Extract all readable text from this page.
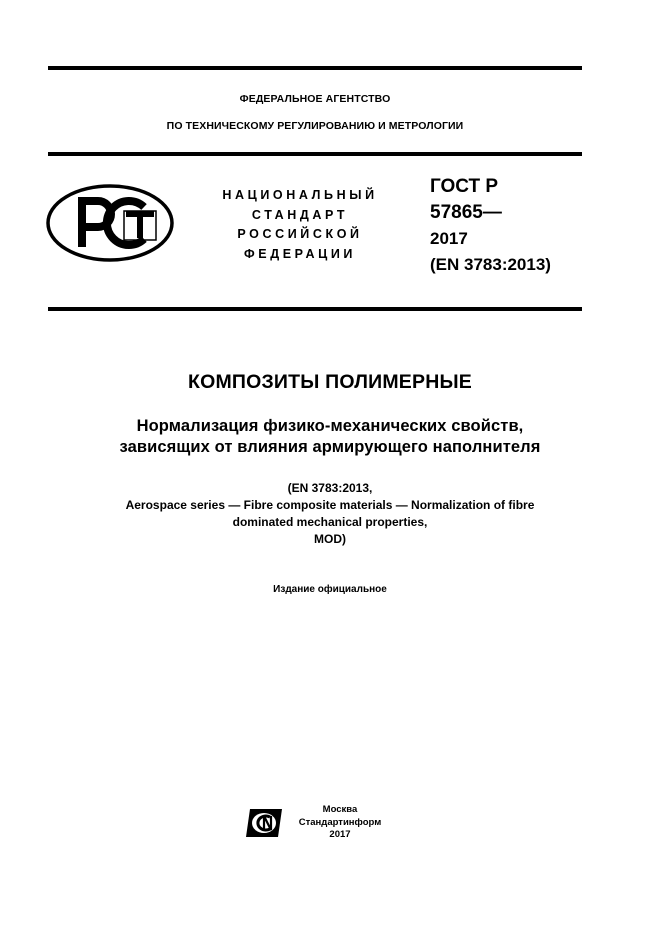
ФЕДЕРАЛЬНОЕ АГЕНТСТВО
ПО ТЕХНИЧЕСКОМУ РЕГУЛИРОВАНИЮ И МЕТРОЛОГИИ
НАЦИОНАЛЬНЫЙ
СТАНДАРТ
РОССИЙСКОЙ
ФЕДЕРАЦИИ
ГОСТ Р
57865—
2017
(EN 3783:2013)
КОМПОЗИТЫ ПОЛИМЕРНЫЕ
Нормализация физико-механических свойств,
зависящих от влияния армирующего наполнителя
(EN 3783:2013,
Aerospace series — Fibre composite materials — Normalization of fibre
dominated mechanical properties,
MOD)
Издание официальное
Москва
Стандартинформ
2017
